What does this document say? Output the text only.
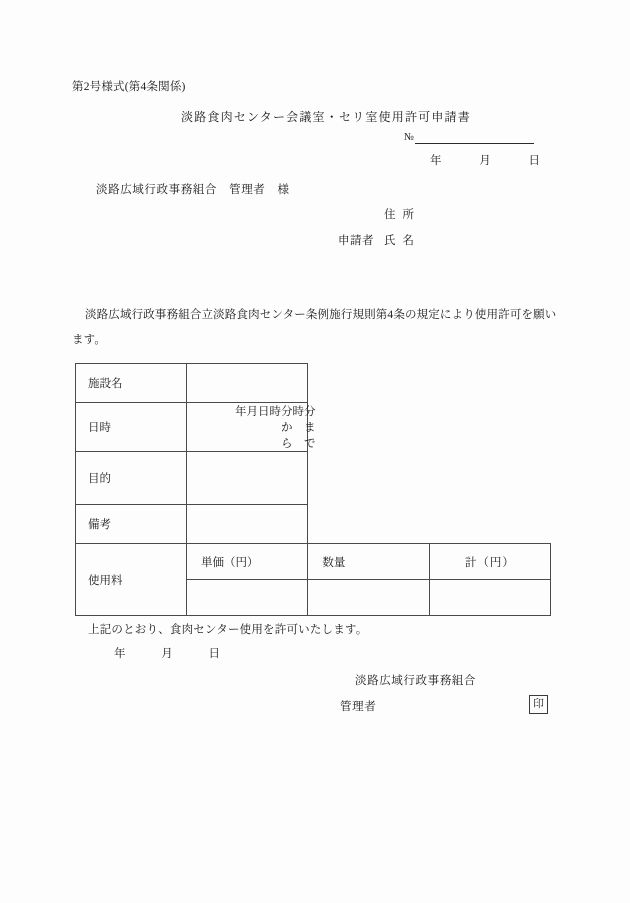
第2号様式(第4条関係)
淡路食肉センター会議室・セリ室使用許可申請書
№
年	月	日
淡路広域行政事務組合　管理者　様
住所
氏名
申請者
淡路広域行政事務組合立淡路食肉センター条例施行規則第4条の規定により使用許可を願います。
施設名			

日時

年 月 日 時 分から
時 分まで

目的			

備考			

使用料	単価（円）	数量	計（円）

上記のとおり、食肉センター使用を許可いたします。
年	月	日
淡路広域行政事務組合
管理者	印
